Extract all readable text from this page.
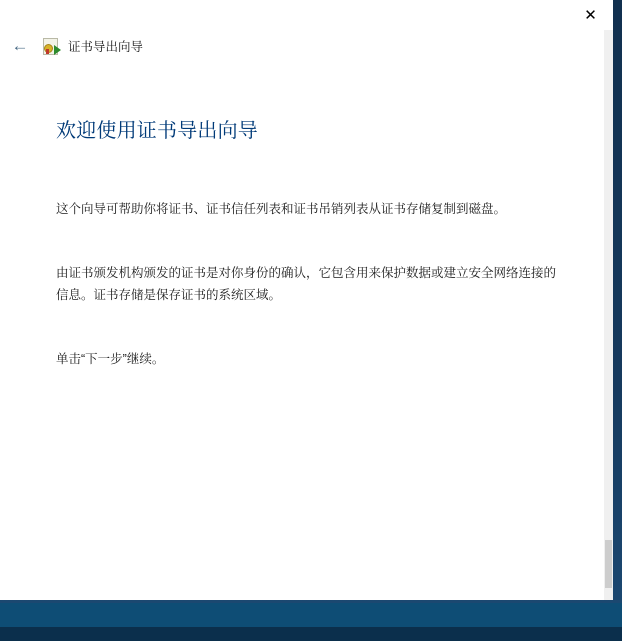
✕
←	证书导出向导
欢迎使用证书导出向导

这个向导可帮助你将证书、证书信任列表和证书吊销列表从证书存储复制到磁盘。

由证书颁发机构颁发的证书是对你身份的确认，它包含用来保护数据或建立安全网络连接的信息。证书存储是保存证书的系统区域。

单击“下一步”继续。
